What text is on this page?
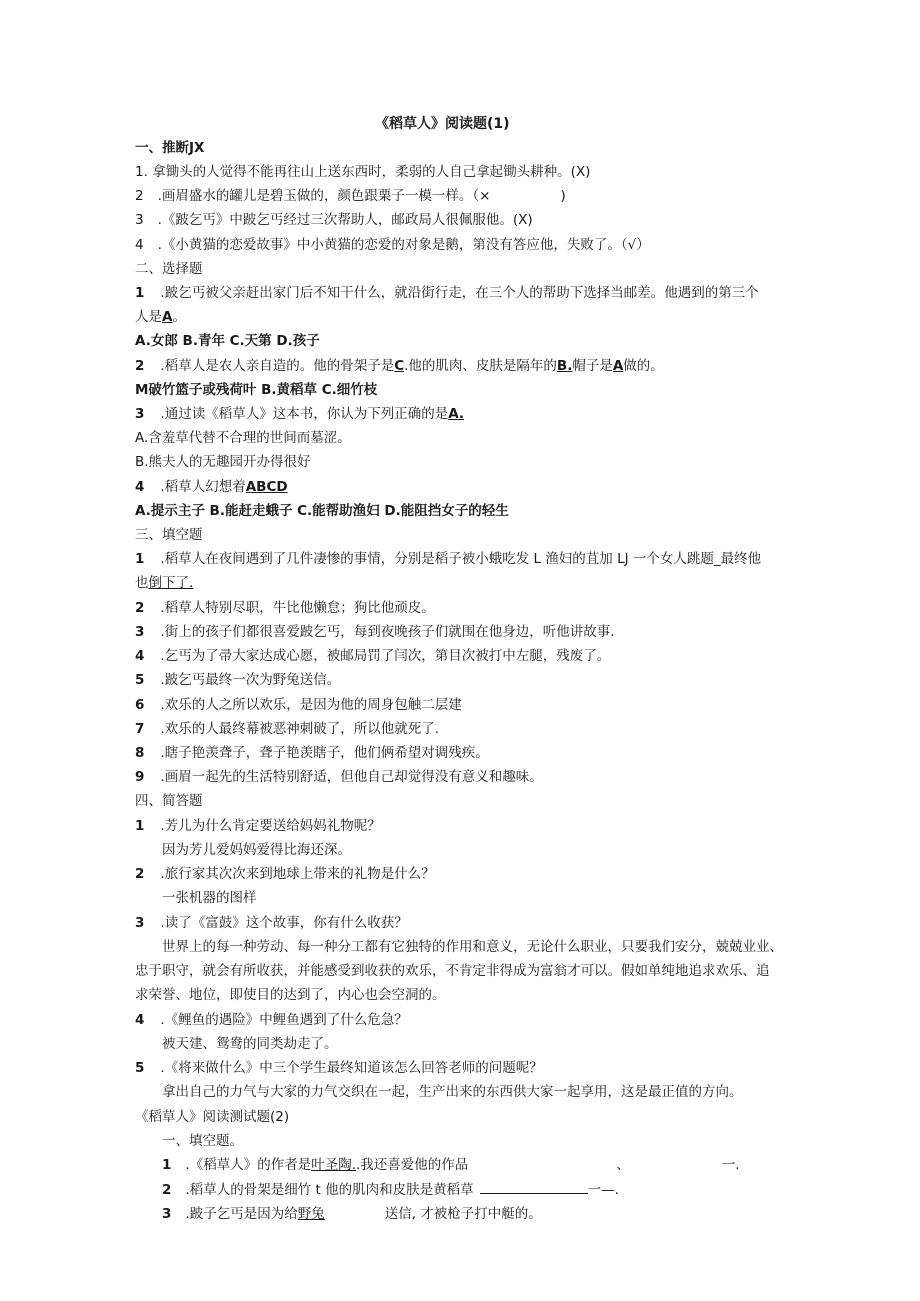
《稻草人》阅读题(1)
一、推断JX
1. 拿锄头的人觉得不能再往山上送东西时，柔弱的人自己拿起锄头耕种。(X)
2 .画眉盛水的罐儿是碧玉做的，颜色跟栗子一模一样。（×	)
3 .《跛乞丐》中跛乞丐经过三次帮助人，邮政局人很佩服他。(X)
4 .《小黄猫的恋爱故事》中小黄猫的恋爱的对象是鹅，第没有答应他，失败了。（√）
二、选择题
1 .跛乞丐被父亲赶出家门后不知干什么，就沿街行走，在三个人的帮助下选择当邮差。他遇到的第三个
人是A。
A.女郎 B.青年 C.天第 D.孩子
2 .稻草人是农人亲自造的。他的骨架子是C.他的肌肉、皮肤是隔年的B.帽子是A做的。
M破竹篮子或残荷叶 B.黄稻草 C.细竹枝
3 .通过读《稻草人》这本书，你认为下列正确的是A.
A.含羞草代替不合理的世间而墓涩。
B.熊夫人的无趣园开办得很好
4 .稻草人幻想着ABCD
A.提示主子 B.能赶走蛾子 C.能帮助渔妇 D.能阻挡女子的轻生
三、填空题
1 .稻草人在夜间遇到了几件凄惨的事情，分别是稻子被小蛾吃发 L 渔妇的苴加 LJ 一个女人跳题_最终他
也倒下了.
2 .稻草人特别尽职，牛比他懒怠；狗比他顽皮。
3 .街上的孩子们都很喜爱跛乞丐，每到夜晚孩子们就围在他身边，听他讲故事.
4 .乞丐为了帚大家达成心愿，被邮局罚了闫次，第目次被打中左腿，残废了。
5 .跛乞丐最终一次为野兔送信。
6 .欢乐的人之所以欢乐，是因为他的周身包触二层建
7 .欢乐的人最终幕被恶神刺破了，所以他就死了.
8 .瞎子艳羡聋子，聋子艳羡瞎子，他们俩希望对调残疾。
9 .画眉一起先的生活特别舒适，但他自己却觉得没有意义和趣味。
四、简答题
1 .芳儿为什么肯定要送给妈妈礼物呢？
因为芳儿爱妈妈爱得比海还深。
2 .旅行家其次次来到地球上带来的礼物是什么？
一张机器的图样
3 .读了《富鼓》这个故事，你有什么收获？
世界上的每一种劳动、每一种分工都有它独特的作用和意义，无论什么职业，只要我们安分，兢兢业业、
忠于职守，就会有所收获，并能感受到收获的欢乐，不肯定非得成为富翁才可以。假如单纯地追求欢乐、追
求荣誉、地位，即使目的达到了，内心也会空洞的。
4 .《鲤鱼的遇险》中鲤鱼遇到了什么危急？
被天建、鸳鸯的同类劫走了。
5 .《将来做什么》中三个学生最终知道该怎么回答老师的问题呢？
拿出自己的力气与大家的力气交织在一起，生产出来的东西供大家一起享用，这是最正值的方向。
《稻草人》阅读测试题(2)
一、填空题。
1 .《稻草人》的作者是叶圣陶..我还喜爱他的作品	、	一.
2 .稻草人的骨架是细竹 t 他的肌肉和皮肤是黄稻草	一—.
3 .跛子乞丐是因为给野兔	送信, 才被枪子打中艇的。
